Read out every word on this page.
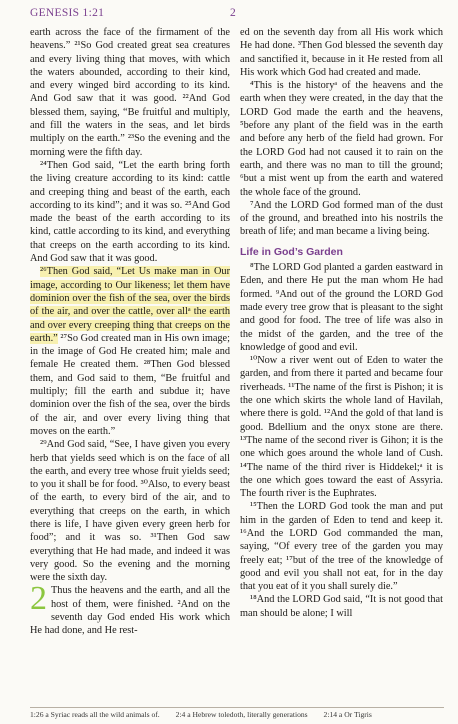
GENESIS 1:21	2

earth across the face of the firmament of the heavens.” ²¹So God created great sea creatures and every living thing that moves, with which the waters abounded, according to their kind, and every winged bird according to its kind. And God saw that it was good. ²²And God blessed them, saying, “Be fruitful and multiply, and fill the waters in the seas, and let birds multiply on the earth.” ²³So the evening and the morning were the fifth day.

²⁴Then God said, “Let the earth bring forth the living creature according to its kind: cattle and creeping thing and beast of the earth, each according to its kind”; and it was so. ²⁵And God made the beast of the earth according to its kind, cattle according to its kind, and everything that creeps on the earth according to its kind. And God saw that it was good.

²⁶Then God said, “Let Us make man in Our image, according to Our likeness; let them have dominion over the fish of the sea, over the birds of the air, and over the cattle, over allᵃ the earth and over every creeping thing that creeps on the earth.” ²⁷So God created man in His own image; in the image of God He created him; male and female He created them. ²⁸Then God blessed them, and God said to them, “Be fruitful and multiply; fill the earth and subdue it; have dominion over the fish of the sea, over the birds of the air, and over every living thing that moves on the earth.”

²⁹And God said, “See, I have given you every herb that yields seed which is on the face of all the earth, and every tree whose fruit yields seed; to you it shall be for food. ³⁰Also, to every beast of the earth, to every bird of the air, and to everything that creeps on the earth, in which there is life, I have given every green herb for food”; and it was so. ³¹Then God saw everything that He had made, and indeed it was very good. So the evening and the morning were the sixth day.

2 Thus the heavens and the earth, and all the host of them, were finished. ²And on the seventh day God ended His work which He had done, and He rest-

ed on the seventh day from all His work which He had done. ³Then God blessed the seventh day and sanctified it, because in it He rested from all His work which God had created and made.

⁴This is the historyᵃ of the heavens and the earth when they were created, in the day that the LORD God made the earth and the heavens, ⁵before any plant of the field was in the earth and before any herb of the field had grown. For the LORD God had not caused it to rain on the earth, and there was no man to till the ground; ⁶but a mist went up from the earth and watered the whole face of the ground.

⁷And the LORD God formed man of the dust of the ground, and breathed into his nostrils the breath of life; and man became a living being.

Life in God’s Garden

⁸The LORD God planted a garden eastward in Eden, and there He put the man whom He had formed. ⁹And out of the ground the LORD God made every tree grow that is pleasant to the sight and good for food. The tree of life was also in the midst of the garden, and the tree of the knowledge of good and evil.

¹⁰Now a river went out of Eden to water the garden, and from there it parted and became four riverheads. ¹¹The name of the first is Pishon; it is the one which skirts the whole land of Havilah, where there is gold. ¹²And the gold of that land is good. Bdellium and the onyx stone are there. ¹³The name of the second river is Gihon; it is the one which goes around the whole land of Cush. ¹⁴The name of the third river is Hiddekel;ᵃ it is the one which goes toward the east of Assyria. The fourth river is the Euphrates.

¹⁵Then the LORD God took the man and put him in the garden of Eden to tend and keep it. ¹⁶And the LORD God commanded the man, saying, “Of every tree of the garden you may freely eat; ¹⁷but of the tree of the knowledge of good and evil you shall not eat, for in the day that you eat of it you shall surely die.”

¹⁸And the LORD God said, “It is not good that man should be alone; I will

1:26 a Syriac reads all the wild animals of. 2:4 a Hebrew toledoth, literally generations 2:14 a Or Tigris
